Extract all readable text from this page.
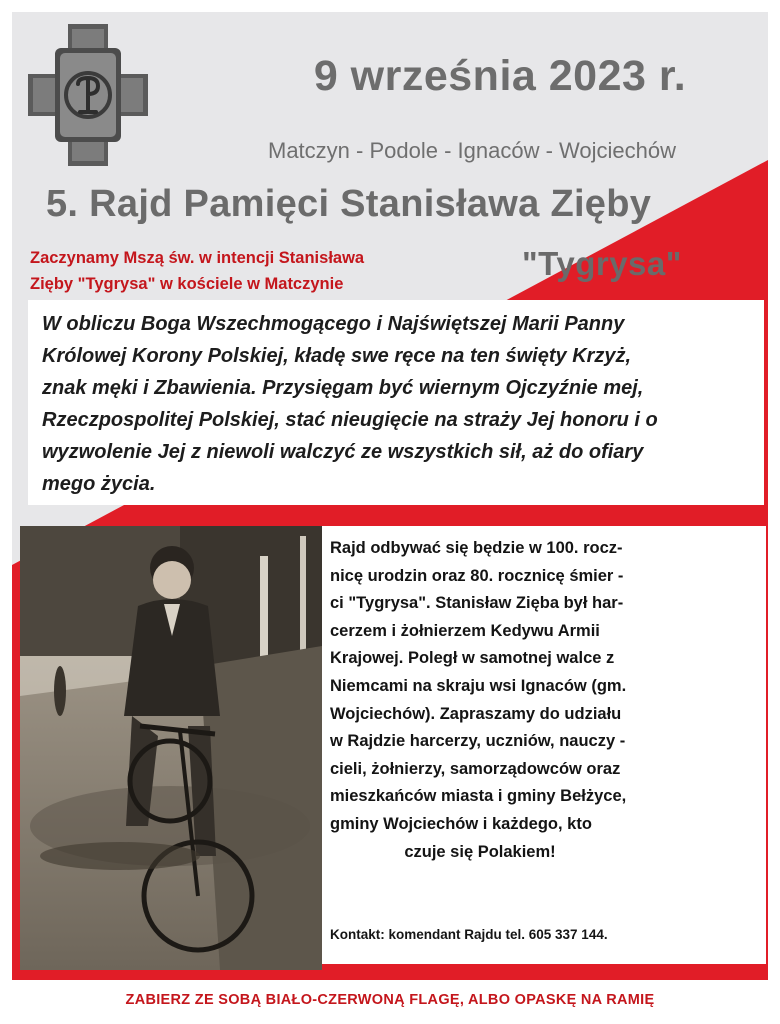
9 września 2023 r.
Matczyn - Podole - Ignaców - Wojciechów
5. Rajd Pamięci Stanisława Zięby
Zaczynamy Mszą św. w intencji Stanisława
Zięby "Tygrysa" w kościele w Matczynie
"Tygrysa"
W obliczu Boga Wszechmogącego i Najświętszej Marii Panny
Królowej Korony Polskiej, kładę swe ręce na ten święty Krzyż,
znak męki i Zbawienia. Przysięgam być wiernym Ojczyźnie mej,
Rzeczpospolitej Polskiej, stać nieugięcie na straży Jej honoru i o
wyzwolenie Jej z niewoli walczyć ze wszystkich sił, aż do ofiary
mego życia.
Rajd odbywać się będzie w 100. rocz-
nicę urodzin oraz 80. rocznicę śmier -
ci "Tygrysa". Stanisław Zięba był har-
cerzem i żołnierzem Kedywu Armii
Krajowej. Poległ w samotnej walce z
Niemcami na skraju wsi Ignaców (gm.
Wojciechów). Zapraszamy do udziału
w Rajdzie harcerzy, uczniów, nauczy -
cieli, żołnierzy, samorządowców oraz
mieszkańców miasta i gminy Bełżyce,
gminy Wojciechów i każdego, kto
czuje się Polakiem!
Kontakt: komendant Rajdu tel. 605 337 144.
ZABIERZ ZE SOBĄ BIAŁO-CZERWONĄ FLAGĘ, ALBO OPASKĘ NA RAMIĘ
